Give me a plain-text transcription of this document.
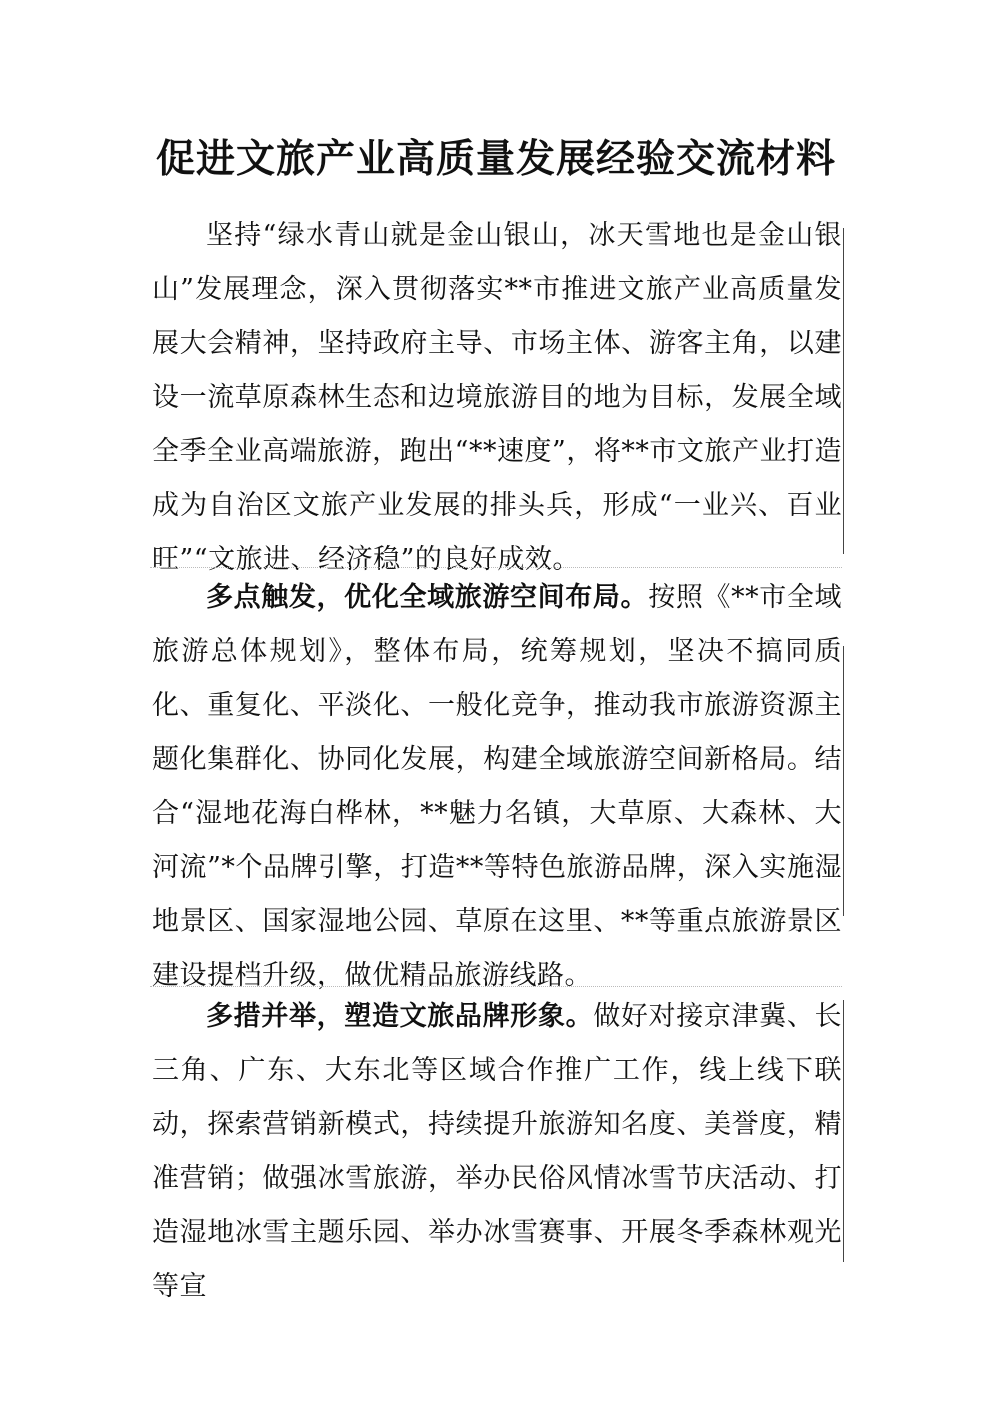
促进文旅产业高质量发展经验交流材料

坚持“绿水青山就是金山银山，冰天雪地也是金山银山”发展理念，深入贯彻落实**市推进文旅产业高质量发展大会精神，坚持政府主导、市场主体、游客主角，以建设一流草原森林生态和边境旅游目的地为目标，发展全域全季全业高端旅游，跑出“**速度”，将**市文旅产业打造成为自治区文旅产业发展的排头兵，形成“一业兴、百业旺”“文旅进、经济稳”的良好成效。

多点触发，优化全域旅游空间布局。按照《**市全域旅游总体规划》，整体布局，统筹规划，坚决不搞同质化、重复化、平淡化、一般化竞争，推动我市旅游资源主题化集群化、协同化发展，构建全域旅游空间新格局。结合“湿地花海白桦林，**魅力名镇，大草原、大森林、大河流”*个品牌引擎，打造**等特色旅游品牌，深入实施湿地景区、国家湿地公园、草原在这里、**等重点旅游景区建设提档升级，做优精品旅游线路。

多措并举，塑造文旅品牌形象。做好对接京津冀、长三角、广东、大东北等区域合作推广工作，线上线下联动，探索营销新模式，持续提升旅游知名度、美誉度，精准营销；做强冰雪旅游，举办民俗风情冰雪节庆活动、打造湿地冰雪主题乐园、举办冰雪赛事、开展冬季森林观光等宣
